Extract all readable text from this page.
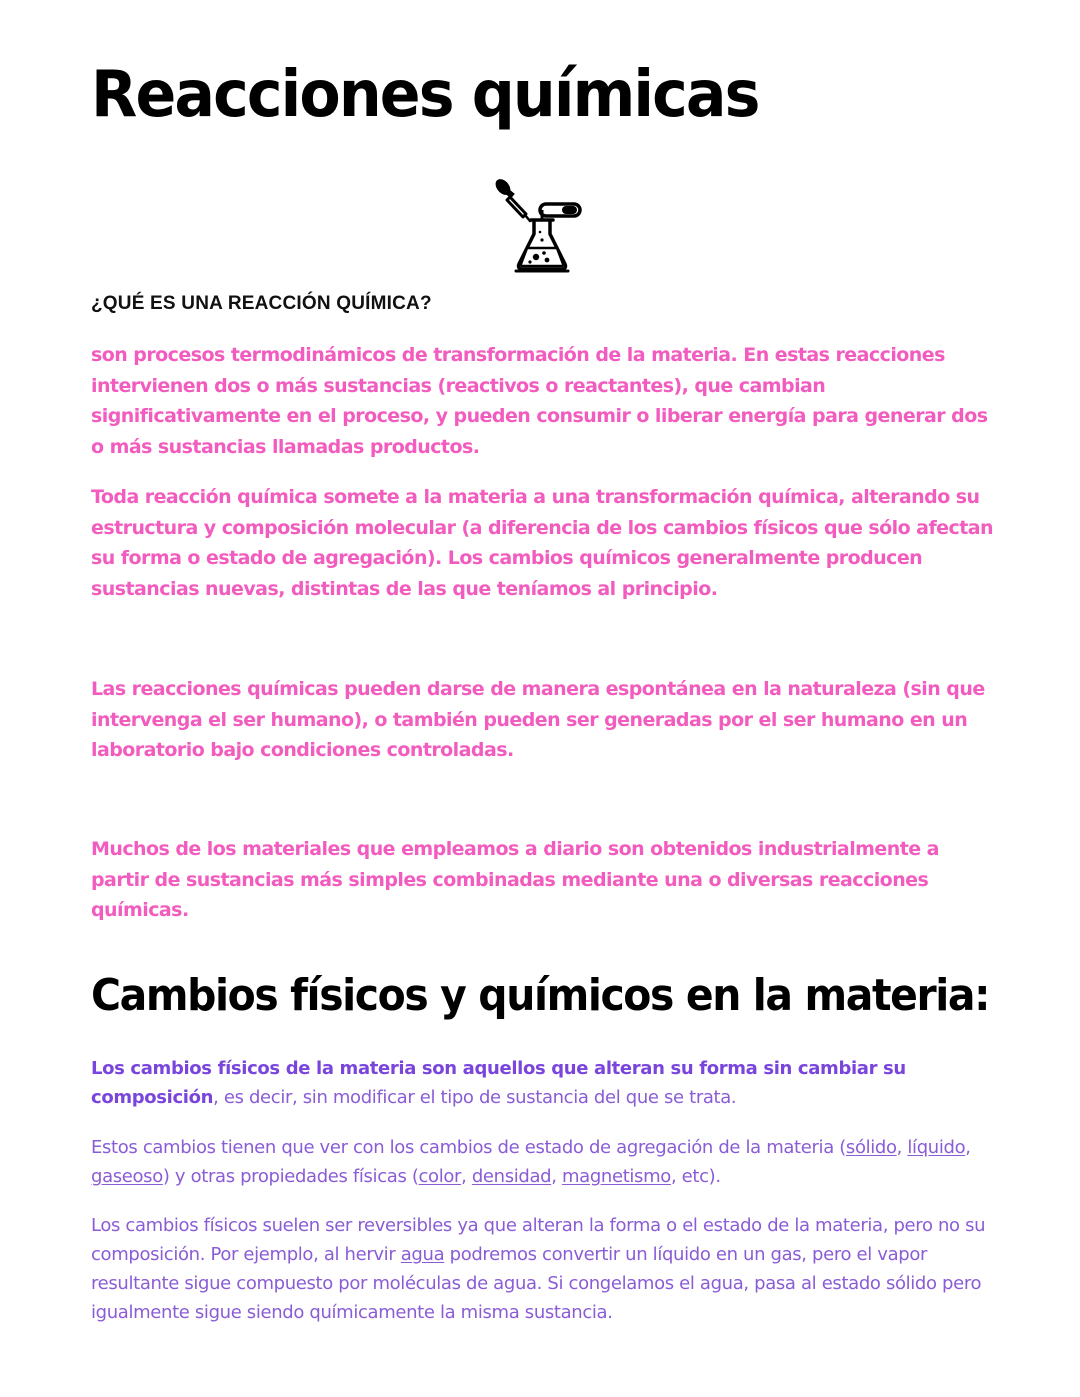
Reacciones químicas
¿QUÉ ES UNA REACCIÓN QUÍMICA?

son procesos termodinámicos de transformación de la materia. En estas reacciones intervienen dos o más sustancias (reactivos o reactantes), que cambian significativamente en el proceso, y pueden consumir o liberar energía para generar dos o más sustancias llamadas productos.

Toda reacción química somete a la materia a una transformación química, alterando su estructura y composición molecular (a diferencia de los cambios físicos que sólo afectan su forma o estado de agregación). Los cambios químicos generalmente producen sustancias nuevas, distintas de las que teníamos al principio.

Las reacciones químicas pueden darse de manera espontánea en la naturaleza (sin que intervenga el ser humano), o también pueden ser generadas por el ser humano en un laboratorio bajo condiciones controladas.

Muchos de los materiales que empleamos a diario son obtenidos industrialmente a partir de sustancias más simples combinadas mediante una o diversas reacciones químicas.

Cambios físicos y químicos en la materia:

Los cambios físicos de la materia son aquellos que alteran su forma sin cambiar su composición, es decir, sin modificar el tipo de sustancia del que se trata.

Estos cambios tienen que ver con los cambios de estado de agregación de la materia (sólido, líquido, gaseoso) y otras propiedades físicas (color, densidad, magnetismo, etc).

Los cambios físicos suelen ser reversibles ya que alteran la forma o el estado de la materia, pero no su composición. Por ejemplo, al hervir agua podremos convertir un líquido en un gas, pero el vapor resultante sigue compuesto por moléculas de agua. Si congelamos el agua, pasa al estado sólido pero igualmente sigue siendo químicamente la misma sustancia.
